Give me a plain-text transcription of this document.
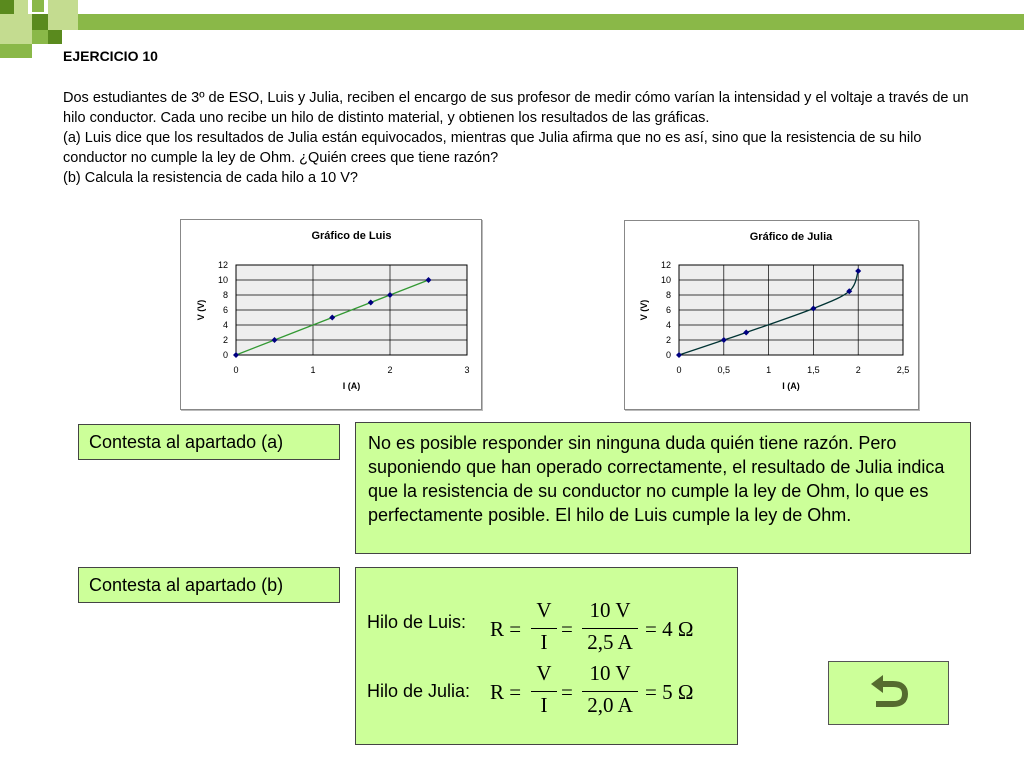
EJERCICIO 10

Dos estudiantes de 3º de ESO, Luis y Julia, reciben el encargo de sus profesor de medir cómo varían la intensidad y el voltaje a través de un hilo conductor. Cada uno recibe un hilo de distinto material, y obtienen los resultados de las gráficas.

(a) Luis dice que los resultados de Julia están equivocados, mientras que Julia afirma que no es así, sino que la resistencia de su hilo conductor no cumple la ley de Ohm. ¿Quién crees que tiene razón?

(b) Calcula la resistencia de cada hilo a 10 V?

Gráfico de Luis
0
2
4
6
8
10
12
0	1	2	3
I (A)
V (V)
Gráfico de Julia
0
2
4
6
8
10
12
0	0,5	1	1,5	2	2,5
I (A)
V (V)
Contesta al apartado (a)	No es posible responder sin ninguna duda quién tiene razón. Pero suponiendo que han operado correctamente, el resultado de Julia indica que la resistencia de su conductor no cumple la ley de Ohm, lo que es perfectamente posible. El hilo de Luis cumple la ley de Ohm.
Contesta al apartado (b)
Hilo de Luis: R =
V
I
=
10 V
2,5 A
= 4 Ω
Hilo de Julia: R =
V
I
=
10 V
2,0 A
= 5 Ω
